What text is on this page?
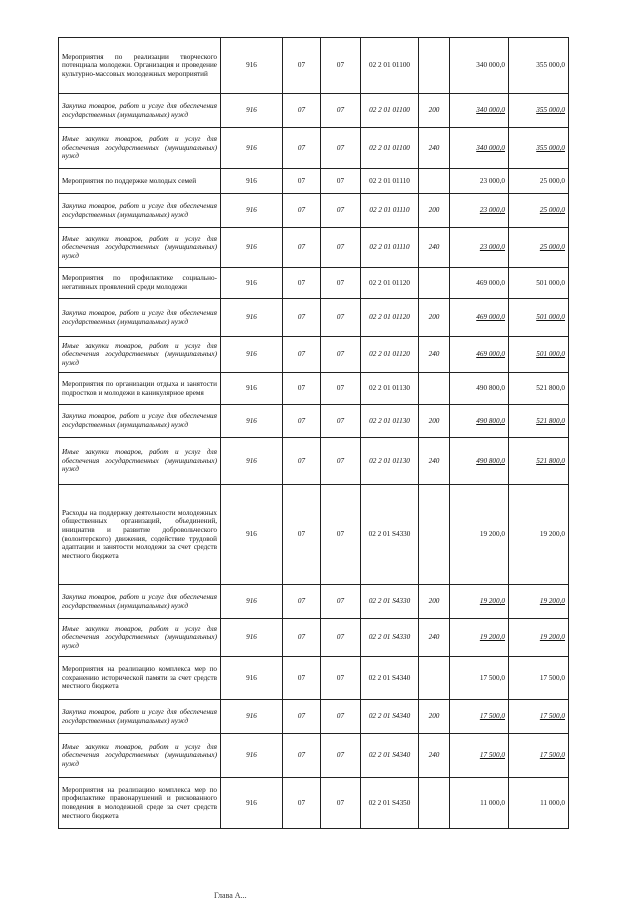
Мероприятия по реализации творческого потенциала молодежи. Организация и проведение культурно-массовых молодежных мероприятий	916	07	07	02 2 01 01100		340 000,0	355 000,0
Закупка товаров, работ и услуг для обеспечения государственных (муниципальных) нужд	916	07	07	02 2 01 01100	200	340 000,0	355 000,0
Иные закупки товаров, работ и услуг для обеспечения государственных (муниципальных) нужд	916	07	07	02 2 01 01100	240	340 000,0	355 000,0
Мероприятия по поддержке молодых семей	916	07	07	02 2 01 01110		23 000,0	25 000,0
Закупка товаров, работ и услуг для обеспечения государственных (муниципальных) нужд	916	07	07	02 2 01 01110	200	23 000,0	25 000,0
Иные закупки товаров, работ и услуг для обеспечения государственных (муниципальных) нужд	916	07	07	02 2 01 01110	240	23 000,0	25 000,0
Мероприятия по профилактике социально-негативных проявлений среди молодежи	916	07	07	02 2 01 01120		469 000,0	501 000,0
Закупка товаров, работ и услуг для обеспечения государственных (муниципальных) нужд	916	07	07	02 2 01 01120	200	469 000,0	501 000,0
Иные закупки товаров, работ и услуг для обеспечения государственных (муниципальных) нужд	916	07	07	02 2 01 01120	240	469 000,0	501 000,0
Мероприятия по организации отдыха и занятости подростков и молодежи в каникулярное время	916	07	07	02 2 01 01130		490 800,0	521 800,0
Закупка товаров, работ и услуг для обеспечения государственных (муниципальных) нужд	916	07	07	02 2 01 01130	200	490 800,0	521 800,0
Иные закупки товаров, работ и услуг для обеспечения государственных (муниципальных) нужд	916	07	07	02 2 01 01130	240	490 800,0	521 800,0
Расходы на поддержку деятельности молодежных общественных организаций, объединений, инициатив и развитие добровольческого (волонтерского) движения, содействие трудовой адаптации и занятости молодежи за счет средств местного бюджета	916	07	07	02 2 01 S4330		19 200,0	19 200,0
Закупка товаров, работ и услуг для обеспечения государственных (муниципальных) нужд	916	07	07	02 2 01 S4330	200	19 200,0	19 200,0
Иные закупки товаров, работ и услуг для обеспечения государственных (муниципальных) нужд	916	07	07	02 2 01 S4330	240	19 200,0	19 200,0
Мероприятия на реализацию комплекса мер по сохранению исторической памяти за счет средств местного бюджета	916	07	07	02 2 01 S4340		17 500,0	17 500,0
Закупка товаров, работ и услуг для обеспечения государственных (муниципальных) нужд	916	07	07	02 2 01 S4340	200	17 500,0	17 500,0
Иные закупки товаров, работ и услуг для обеспечения государственных (муниципальных) нужд	916	07	07	02 2 01 S4340	240	17 500,0	17 500,0
Мероприятия на реализацию комплекса мер по профилактике правонарушений и рискованного поведения в молодежной среде за счет средств местного бюджета	916	07	07	02 2 01 S4350		11 000,0	11 000,0
Глава А...
